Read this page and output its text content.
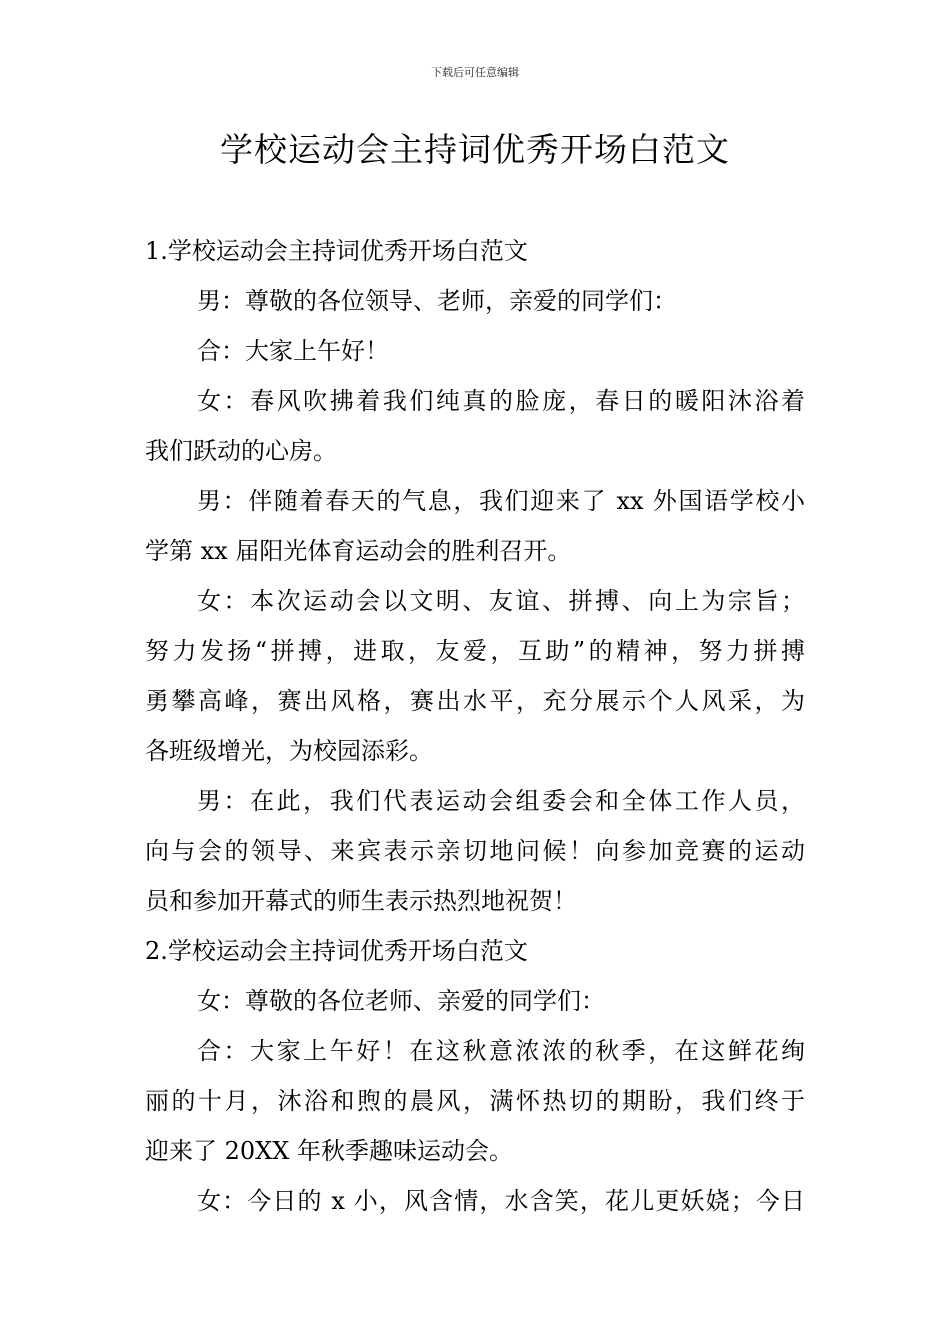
下载后可任意编辑
学校运动会主持词优秀开场白范文
1.学校运动会主持词优秀开场白范文
男：尊敬的各位领导、老师，亲爱的同学们：
合：大家上午好！
女：春风吹拂着我们纯真的脸庞，春日的暖阳沐浴着
我们跃动的心房。
男：伴随着春天的气息，我们迎来了 xx 外国语学校小
学第 xx 届阳光体育运动会的胜利召开。
女：本次运动会以文明、友谊、拼搏、向上为宗旨；
努力发扬“拼搏，进取，友爱，互助”的精神，努力拼搏
勇攀高峰，赛出风格，赛出水平，充分展示个人风采，为
各班级增光，为校园添彩。
男：在此，我们代表运动会组委会和全体工作人员，
向与会的领导、来宾表示亲切地问候！向参加竞赛的运动
员和参加开幕式的师生表示热烈地祝贺！
2.学校运动会主持词优秀开场白范文
女：尊敬的各位老师、亲爱的同学们：
合：大家上午好！在这秋意浓浓的秋季，在这鲜花绚
丽的十月，沐浴和煦的晨风，满怀热切的期盼，我们终于
迎来了 20XX 年秋季趣味运动会。
女：今日的 x 小，风含情，水含笑，花儿更妖娆；今日
